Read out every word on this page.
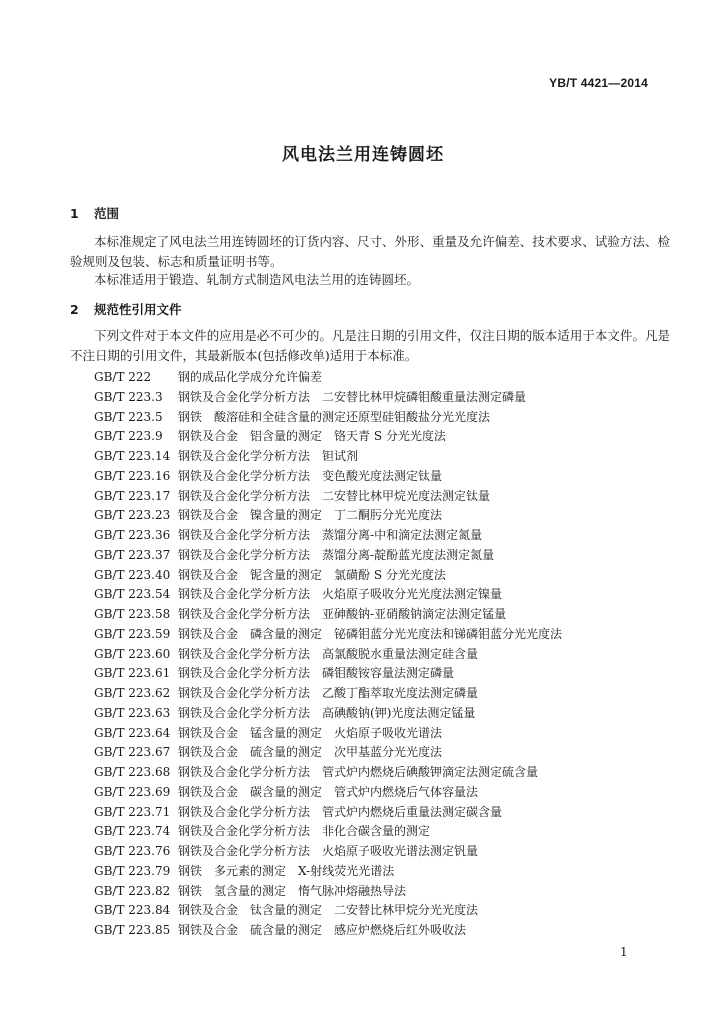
YB/T 4421—2014
风电法兰用连铸圆坯
1 范围
本标准规定了风电法兰用连铸圆坯的订货内容、尺寸、外形、重量及允许偏差、技术要求、试验方法、检验规则及包装、标志和质量证明书等。
本标准适用于锻造、轧制方式制造风电法兰用的连铸圆坯。
2 规范性引用文件
下列文件对于本文件的应用是必不可少的。凡是注日期的引用文件，仅注日期的版本适用于本文件。凡是不注日期的引用文件，其最新版本(包括修改单)适用于本标准。
GB/T 222 钢的成品化学成分允许偏差
GB/T 223.3 钢铁及合金化学分析方法 二安替比林甲烷磷钼酸重量法测定磷量
GB/T 223.5 钢铁 酸溶硅和全硅含量的测定还原型硅钼酸盐分光光度法
GB/T 223.9 钢铁及合金 铝含量的测定 铬天青 S 分光光度法
GB/T 223.14 钢铁及合金化学分析方法 钽试剂
GB/T 223.16 钢铁及合金化学分析方法 变色酸光度法测定钛量
GB/T 223.17 钢铁及合金化学分析方法 二安替比林甲烷光度法测定钛量
GB/T 223.23 钢铁及合金 镍含量的测定 丁二酮肟分光光度法
GB/T 223.36 钢铁及合金化学分析方法 蒸馏分离-中和滴定法测定氮量
GB/T 223.37 钢铁及合金化学分析方法 蒸馏分离-靛酚蓝光度法测定氮量
GB/T 223.40 钢铁及合金 铌含量的测定 氯磺酚 S 分光光度法
GB/T 223.54 钢铁及合金化学分析方法 火焰原子吸收分光光度法测定镍量
GB/T 223.58 钢铁及合金化学分析方法 亚砷酸钠-亚硝酸钠滴定法测定锰量
GB/T 223.59 钢铁及合金 磷含量的测定 铋磷钼蓝分光光度法和锑磷钼蓝分光光度法
GB/T 223.60 钢铁及合金化学分析方法 高氯酸脱水重量法测定硅含量
GB/T 223.61 钢铁及合金化学分析方法 磷钼酸铵容量法测定磷量
GB/T 223.62 钢铁及合金化学分析方法 乙酸丁酯萃取光度法测定磷量
GB/T 223.63 钢铁及合金化学分析方法 高碘酸钠(钾)光度法测定锰量
GB/T 223.64 钢铁及合金 锰含量的测定 火焰原子吸收光谱法
GB/T 223.67 钢铁及合金 硫含量的测定 次甲基蓝分光光度法
GB/T 223.68 钢铁及合金化学分析方法 管式炉内燃烧后碘酸钾滴定法测定硫含量
GB/T 223.69 钢铁及合金 碳含量的测定 管式炉内燃烧后气体容量法
GB/T 223.71 钢铁及合金化学分析方法 管式炉内燃烧后重量法测定碳含量
GB/T 223.74 钢铁及合金化学分析方法 非化合碳含量的测定
GB/T 223.76 钢铁及合金化学分析方法 火焰原子吸收光谱法测定钒量
GB/T 223.79 钢铁 多元素的测定 X-射线荧光光谱法
GB/T 223.82 钢铁 氢含量的测定 惰气脉冲熔融热导法
GB/T 223.84 钢铁及合金 钛含量的测定 二安替比林甲烷分光光度法
GB/T 223.85 钢铁及合金 硫含量的测定 感应炉燃烧后红外吸收法
1
